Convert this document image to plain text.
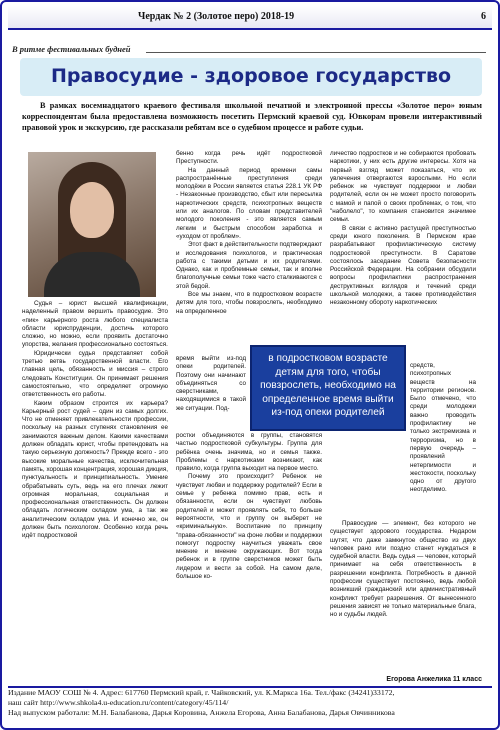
Чердак № 2 (Золотое перо) 2018-19	6
В ритме фестивальных будней
Правосудие - здоровое государство
В рамках восемнадцатого краевого фестиваля школьной печатной и электронной прессы «Золотое перо» юным корреспондентам была предоставлена возможность посетить Пермский краевой суд. Ювкорам провели интерактивный правовой урок и экскурсию, где рассказали ребятам все о судебном процессе и работе судьи.

Судья – юрист высшей квалификации, наделенный правом вершить правосудие. Это «пик» карьерного роста любого специалиста области юриспруденции, достичь которого сложно, но можно, если проявить достаточно упорства, желания профессионально состояться.

Юридически судья представляет собой третью ветвь государственной власти. Его главная цель, обязанность и миссия – строго следовать Конституции. Он принимает решения самостоятельно, что определяет огромную ответственность его работы.

Каким образом строится их карьера? Карьерный рост судей – один из самых долгих. Что не отменяет привлекательности профессии, поскольку на разных ступенях становления ее занимаются важным делом. Какими качествами должен обладать юрист, чтобы претендовать на такую серьезную должность? Прежде всего - это высокие моральные качества, исключительная память, хорошая концентрация, хорошая дикция, пунктуальность и принципиальность. Умение обрабатывать суть, ведь на его плечах лежит огромная моральная, социальная и профессиональная ответственность. Он должен обладать логическим складом ума, а так же аналитическим складом ума. И конечно же, он должен быть психологом. Особенно когда речь идёт подростковой

бенно когда речь идёт подростковой Преступности.

На данный период времени самы распространённые преступления среди молодёжи в России является статья 228.1 УК РФ - Незаконные производство, сбыт или пересылка наркотических средств, психотропных веществ или их аналогов. По словам представителей молодого поколения - это является самым легким и быстрым способом заработка и «уходом от проблем».

Этот факт в действительности подтверждают и исследования психологов, и практическая работа с такими детьми и их родителями. Однако, как и проблемные семьи, так и вполне благополучные семьи тоже часто сталкиваются с этой бедой.

Все мы знаем, что в подростковом возрасте детям для того, чтобы повзрослеть, необходимо на определенное

время выйти из-под опеки родителей. Поэтому они начинают объединяться со сверстниками, находящимися в такой же ситуации. Под-

в подростковом возрасте детям для того, чтобы повзрослеть, необходимо на определенное время выйти из-под опеки родителей

ростки объединяются в группы, становятся частью подростковой субкультуры. Группа для ребёнка очень значима, но и семья также. Проблемы с наркотиками возникают, как правило, когда группа выходит на первое место.

Почему это происходит? Ребенок не чувствует любви и поддержку родителей? Если в семье у ребенка помимо прав, есть и обязанности, если он чувствует любовь родителей и может проявлять себя, то больше вероятности, что и группу он выберет не «криминальную». Воспитание по принципу "права-обязанности" на фоне любви и поддержки помогут подростку научиться уважать свое мнение и мнение окружающих. Вот тогда ребенок и в группе сверстников может быть лидером и вести за собой. На самом деле, большое ко-

личество подростков и не собираются пробовать наркотики, у них есть другие интересы. Хотя на первый взгляд может показаться, что их увлечения отвергаются взрослыми. Но если ребенок не чувствует поддержки и любви родителей, если он не может просто поговорить с мамой и папой о своих проблемах, о том, что "наболело", то компания становится значимее семьи.

В связи с активно растущей преступностью среди юного поколения. В Пермском крае разрабатывают профилактическую систему подростковой преступности. В Саратове состоялось заседание Совета безопасности Российской Федерации. На собрании обсудили вопросы профилактики распространения деструктивных взглядов и течений среди школьной молодежи, а также противодействия незаконному обороту наркотических

средств, психотропных веществ на территории регионов. Было отмечено, что среди молодежи важно проводить профилактику не только экстремизма и терроризма, но в первую очередь – проявлений нетерпимости и жестокости, поскольку одно от другого неотделимо.

Правосудие — элемент, без которого не существует здорового государства. Недаром шутят, что даже замкнутое общество из двух человек рано или поздно станет нуждаться в судебной власти. Ведь судья — человек, который принимает на себя ответственность в разрешении конфликта. Потребность в данной профессии существует постоянно, ведь любой возникший гражданский или административный конфликт требует разрешения. От вынесенного решения зависят не только материальные блага, но и судьбы людей.

Егорова Анжелика 11 класс
Издание МАОУ СОШ № 4. Адрес: 617760 Пермский край, г. Чайковский, ул. К.Маркса 16а. Тел./факс (34241)33172,
наш сайт http://www.shkola4.u-education.ru/content/category/45/114/
Над выпуском работали: М.Н. Балабанова, Дарья Коровина, Анжела Егорова, Анна Балабанова, Дарья Овчинникова
